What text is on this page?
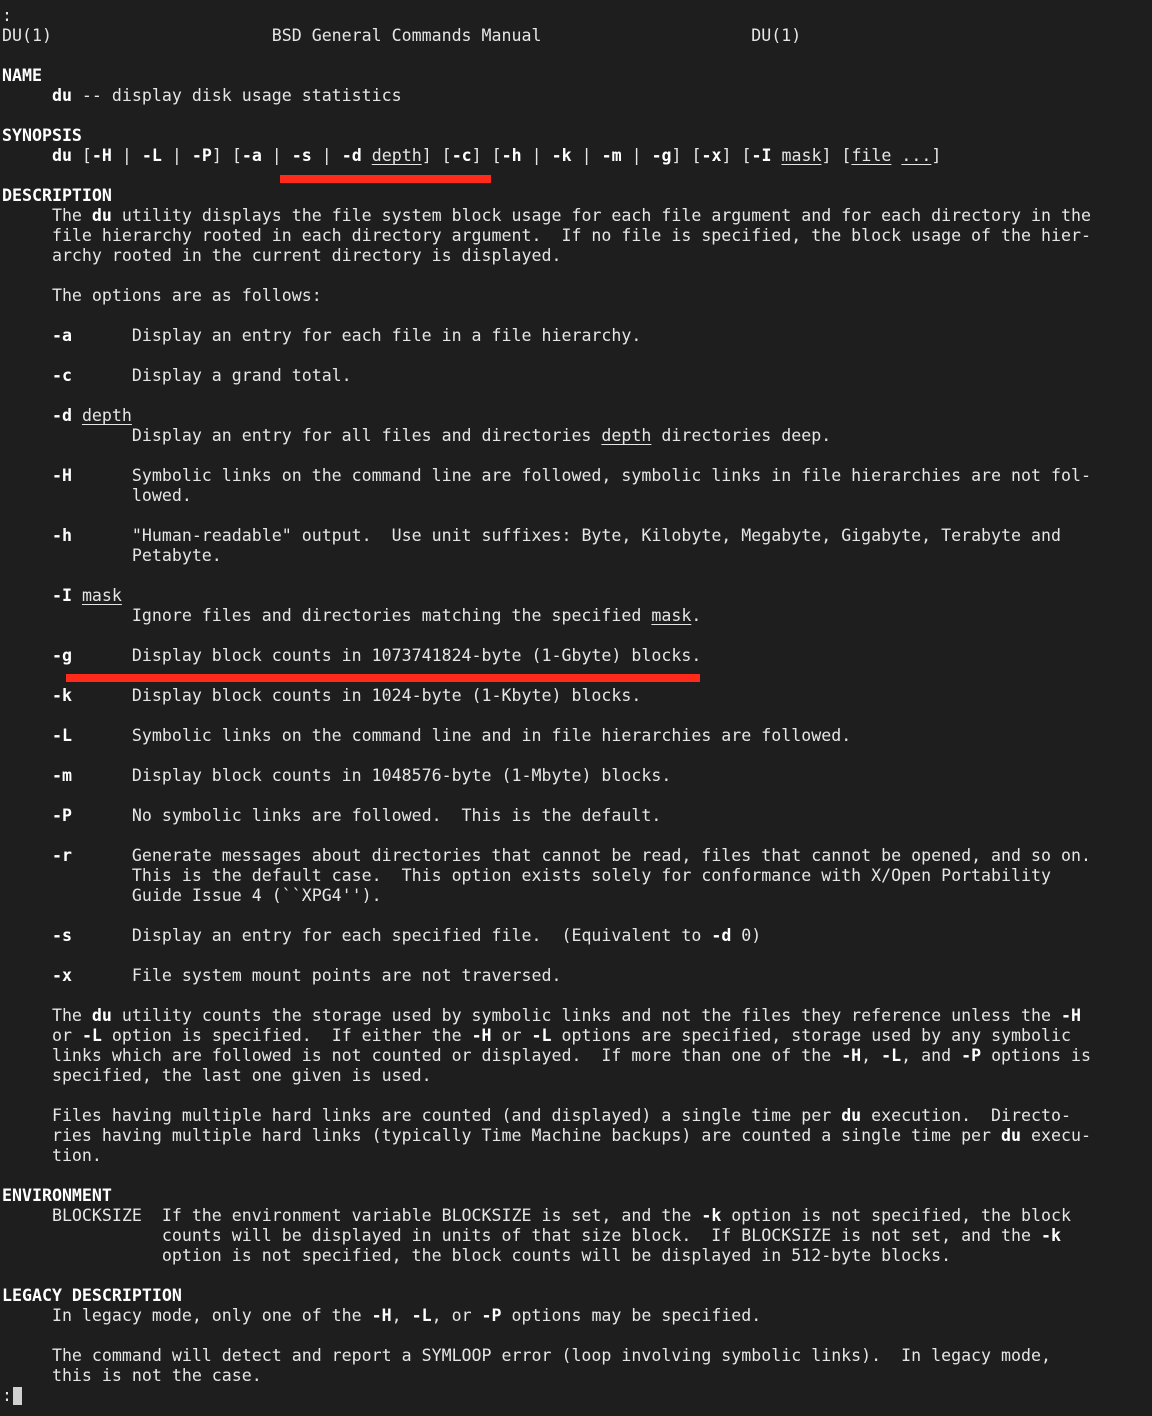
:
DU(1)                      BSD General Commands Manual                     DU(1)
NAME
du -- display disk usage statistics
SYNOPSIS
du [-H | -L | -P] [-a | -s | -d depth] [-c] [-h | -k | -m | -g] [-x] [-I mask] [file ...]
DESCRIPTION
The du utility displays the file system block usage for each file argument and for each directory in the
file hierarchy rooted in each directory argument.  If no file is specified, the block usage of the hier-
archy rooted in the current directory is displayed.
The options are as follows:
-a      Display an entry for each file in a file hierarchy.
-c      Display a grand total.
-d depth
Display an entry for all files and directories depth directories deep.
-H      Symbolic links on the command line are followed, symbolic links in file hierarchies are not fol-
lowed.
-h      "Human-readable" output.  Use unit suffixes: Byte, Kilobyte, Megabyte, Gigabyte, Terabyte and
Petabyte.
-I mask
Ignore files and directories matching the specified mask.
-g      Display block counts in 1073741824-byte (1-Gbyte) blocks.
-k      Display block counts in 1024-byte (1-Kbyte) blocks.
-L      Symbolic links on the command line and in file hierarchies are followed.
-m      Display block counts in 1048576-byte (1-Mbyte) blocks.
-P      No symbolic links are followed.  This is the default.
-r      Generate messages about directories that cannot be read, files that cannot be opened, and so on.
This is the default case.  This option exists solely for conformance with X/Open Portability
Guide Issue 4 (``XPG4'').
-s      Display an entry for each specified file.  (Equivalent to -d 0)
-x      File system mount points are not traversed.
The du utility counts the storage used by symbolic links and not the files they reference unless the -H
or -L option is specified.  If either the -H or -L options are specified, storage used by any symbolic
links which are followed is not counted or displayed.  If more than one of the -H, -L, and -P options is
specified, the last one given is used.
Files having multiple hard links are counted (and displayed) a single time per du execution.  Directo-
ries having multiple hard links (typically Time Machine backups) are counted a single time per du execu-
tion.
ENVIRONMENT
BLOCKSIZE  If the environment variable BLOCKSIZE is set, and the -k option is not specified, the block
counts will be displayed in units of that size block.  If BLOCKSIZE is not set, and the -k
option is not specified, the block counts will be displayed in 512-byte blocks.
LEGACY DESCRIPTION
In legacy mode, only one of the -H, -L, or -P options may be specified.
The command will detect and report a SYMLOOP error (loop involving symbolic links).  In legacy mode,
this is not the case.
:
